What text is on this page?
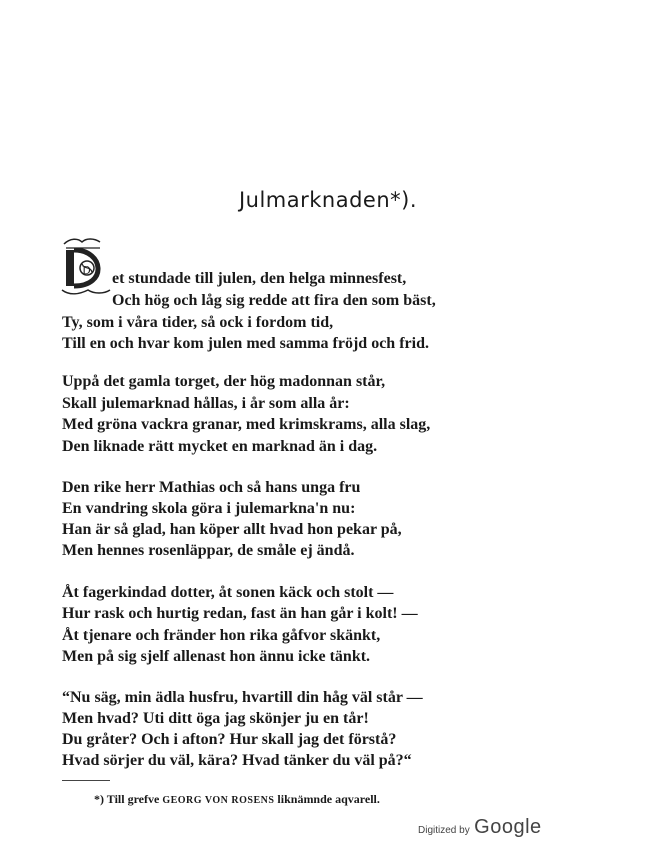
Julmarknaden*).
D et stundade till julen, den helga minnesfest,
Och hög och låg sig redde att fira den som bäst,
Ty, som i våra tider, så ock i fordom tid,
Till en och hvar kom julen med samma fröjd och frid.
Uppå det gamla torget, der hög madonnan står,
Skall julemarknad hållas, i år som alla år:
Med gröna vackra granar, med krimskrams, alla slag,
Den liknade rätt mycket en marknad än i dag.
Den rike herr Mathias och så hans unga fru
En vandring skola göra i julemarkna'n nu:
Han är så glad, han köper allt hvad hon pekar på,
Men hennes rosenläppar, de småle ej ändå.
Åt fagerkindad dotter, åt sonen käck och stolt —
Hur rask och hurtig redan, fast än han går i kolt! —
Åt tjenare och fränder hon rika gåfvor skänkt,
Men på sig sjelf allenast hon ännu icke tänkt.
“Nu säg, min ädla husfru, hvartill din håg väl står —
Men hvad? Uti ditt öga jag skönjer ju en tår!
Du gråter? Och i afton? Hur skall jag det förstå?
Hvad sörjer du väl, kära? Hvad tänker du väl på?“
*) Till grefve GEORG VON ROSENS liknämnde aqvarell.
Digitized by Google
